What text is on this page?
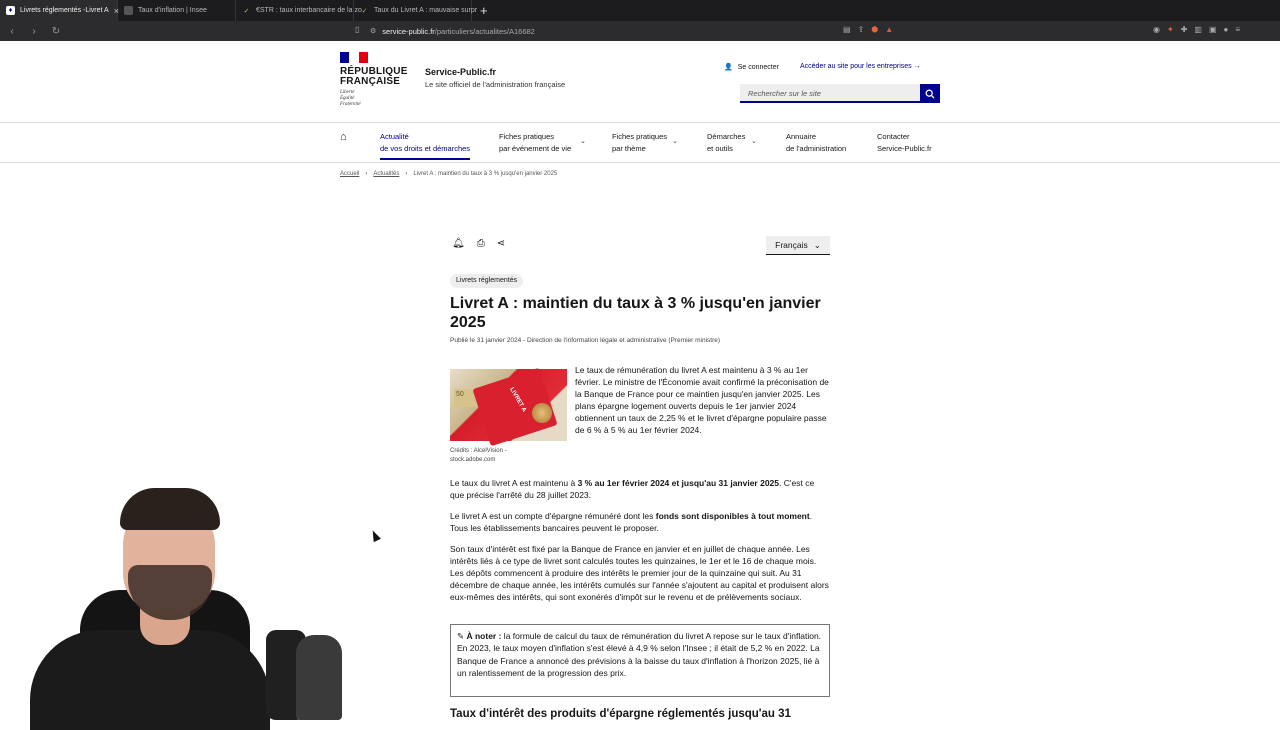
♦	Livrets réglementés -Livret A ×	Taux d'inflation | Insee	✓ €STR : taux interbancaire de la zo ✓ Taux du Livret A : mauvaise surpr +
‹	›	↻	▯ ⚙ service-public.fr/particuliers/actualites/A16682	▤ ⇪ ⬢ ▲	◉ ✦ ✚ ▥ ▣ ● ≡
RÉPUBLIQUE
FRANÇAISE
Liberté
Égalité
Fraternité
Service-Public.fr
Le site officiel de l'administration française
👤 Se connecter	Accéder au site pour les entreprises →
Rechercher sur le site
⌂	Actualité
de vos droits et démarches
Fiches pratiques
par événement de vie
⌄
Fiches pratiques
par thème
⌄
Démarches
et outils
⌄
Annuaire
de l'administration
Contacter
Service-Public.fr
Accueil › Actualités › Livret A : maintien du taux à 3 % jusqu'en janvier 2025
🔔︎ ⎙ ⋖	Français ⌄
Livrets réglementés
Livret A : maintien du taux à 3 % jusqu'en janvier 2025
Publié le 31 janvier 2024 - Direction de l'information légale et administrative (Premier ministre)
50	LIVRET A
Crédits : AlcelVision - stock.adobe.com
Le taux de rémunération du livret A est maintenu à 3 % au 1er février. Le ministre de l'Économie avait confirmé la préconisation de la Banque de France pour ce maintien jusqu'en janvier 2025. Les plans épargne logement ouverts depuis le 1er janvier 2024 obtiennent un taux de 2,25 % et le livret d'épargne populaire passe de 6 % à 5 % au 1er février 2024.
Le taux du livret A est maintenu à 3 % au 1er février 2024 et jusqu'au 31 janvier 2025. C'est ce que précise l'arrêté du 28 juillet 2023.
Le livret A est un compte d'épargne rémunéré dont les fonds sont disponibles à tout moment. Tous les établissements bancaires peuvent le proposer.
Son taux d'intérêt est fixé par la Banque de France en janvier et en juillet de chaque année. Les intérêts liés à ce type de livret sont calculés toutes les quinzaines, le 1er et le 16 de chaque mois. Les dépôts commencent à produire des intérêts le premier jour de la quinzaine qui suit. Au 31 décembre de chaque année, les intérêts cumulés sur l'année s'ajoutent au capital et produisent alors eux-mêmes des intérêts, qui sont exonérés d'impôt sur le revenu et de prélèvements sociaux.
✎ À noter : la formule de calcul du taux de rémunération du livret A repose sur le taux d'inflation. En 2023, le taux moyen d'inflation s'est élevé à 4,9 % selon l'Insee ; il était de 5,2 % en 2022. La Banque de France a annoncé des prévisions à la baisse du taux d'inflation à l'horizon 2025, lié à un ralentissement de la progression des prix.
Taux d'intérêt des produits d'épargne réglementés jusqu'au 31
